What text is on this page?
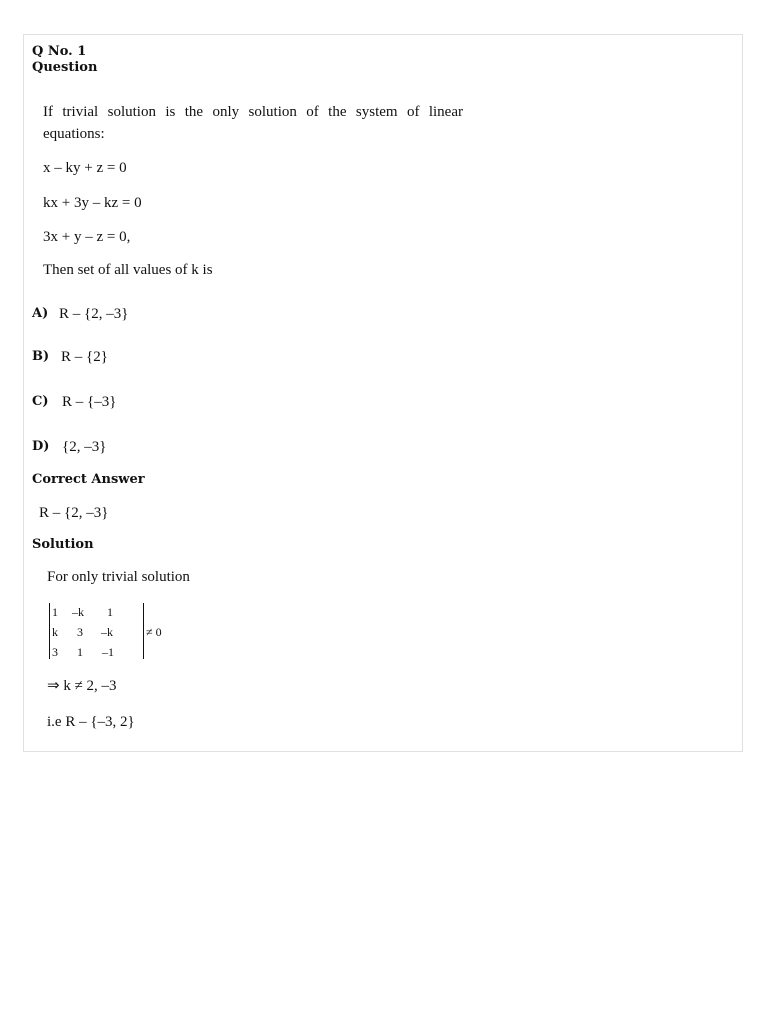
Q No. 1
Question
If trivial solution is the only solution of the system of linear
equations:
x – ky + z = 0
kx + 3y – kz = 0
3x + y – z = 0,
Then set of all values of k is
A) R – {2, –3}
B) R – {2}
C) R – {–3}
D) {2, –3}
Correct Answer
R – {2, –3}
Solution
For only trivial solution
1 –k 1
k 3 –k
3 1 –1
≠ 0
⇒ k ≠ 2, –3
i.e R – {–3, 2}
